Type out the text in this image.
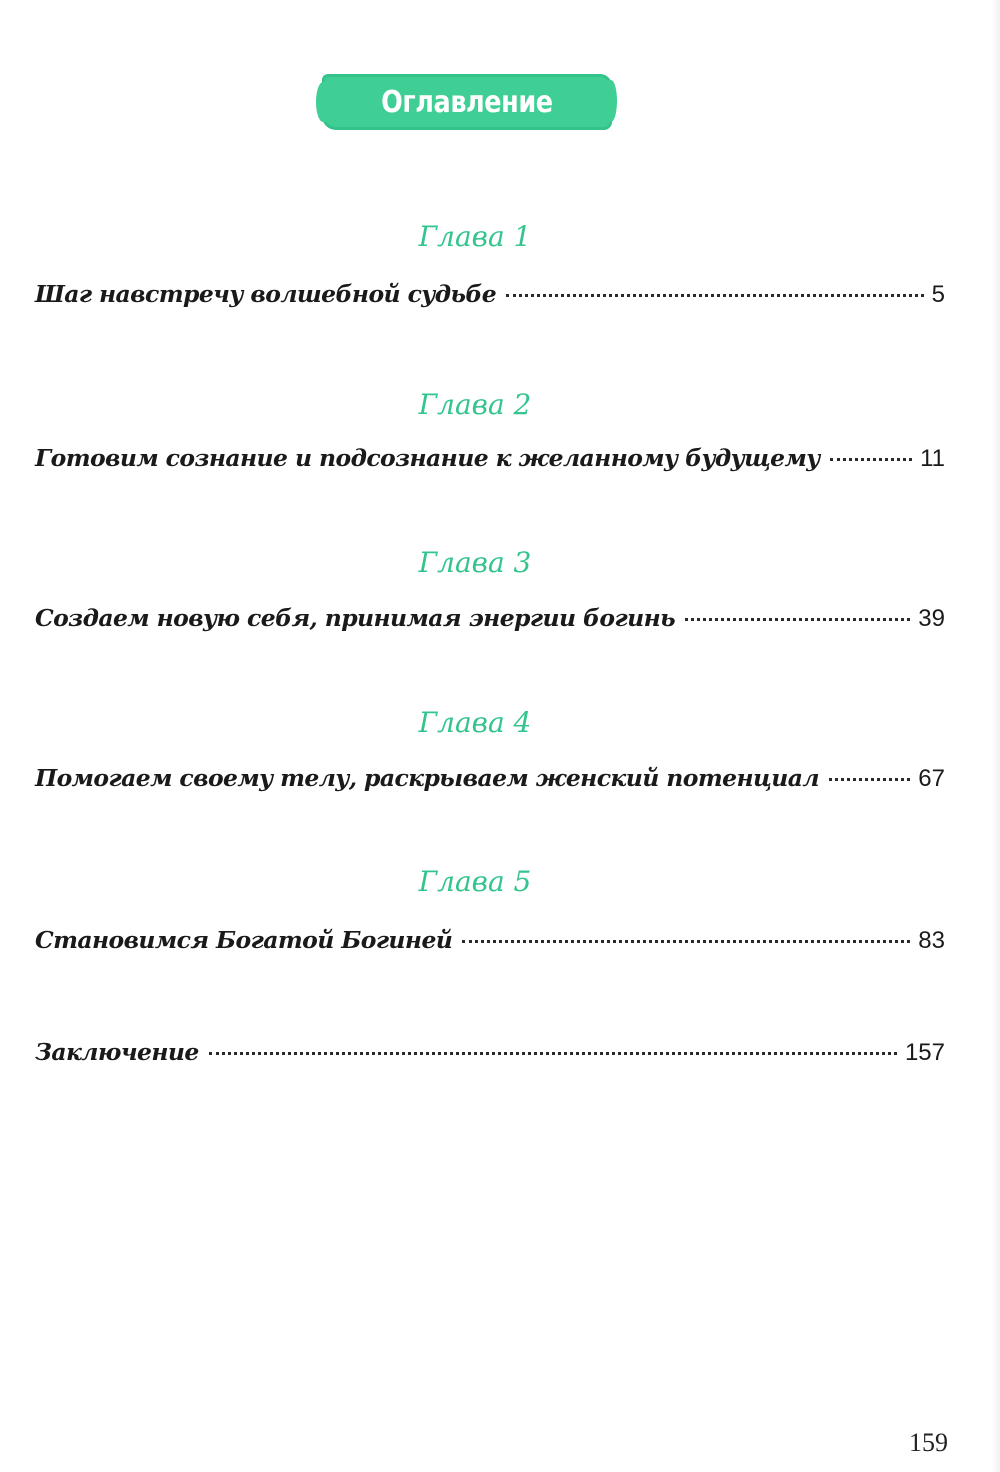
Оглавление
Глава 1
Шаг навстречу волшебной судьбе	5
Глава 2
Готовим сознание и подсознание к желанному будущему	11
Глава 3
Создаем новую себя, принимая энергии богинь	39
Глава 4
Помогаем своему телу, раскрываем женский потенциал	67
Глава 5
Становимся Богатой Богиней	83
Заключение	157
159
